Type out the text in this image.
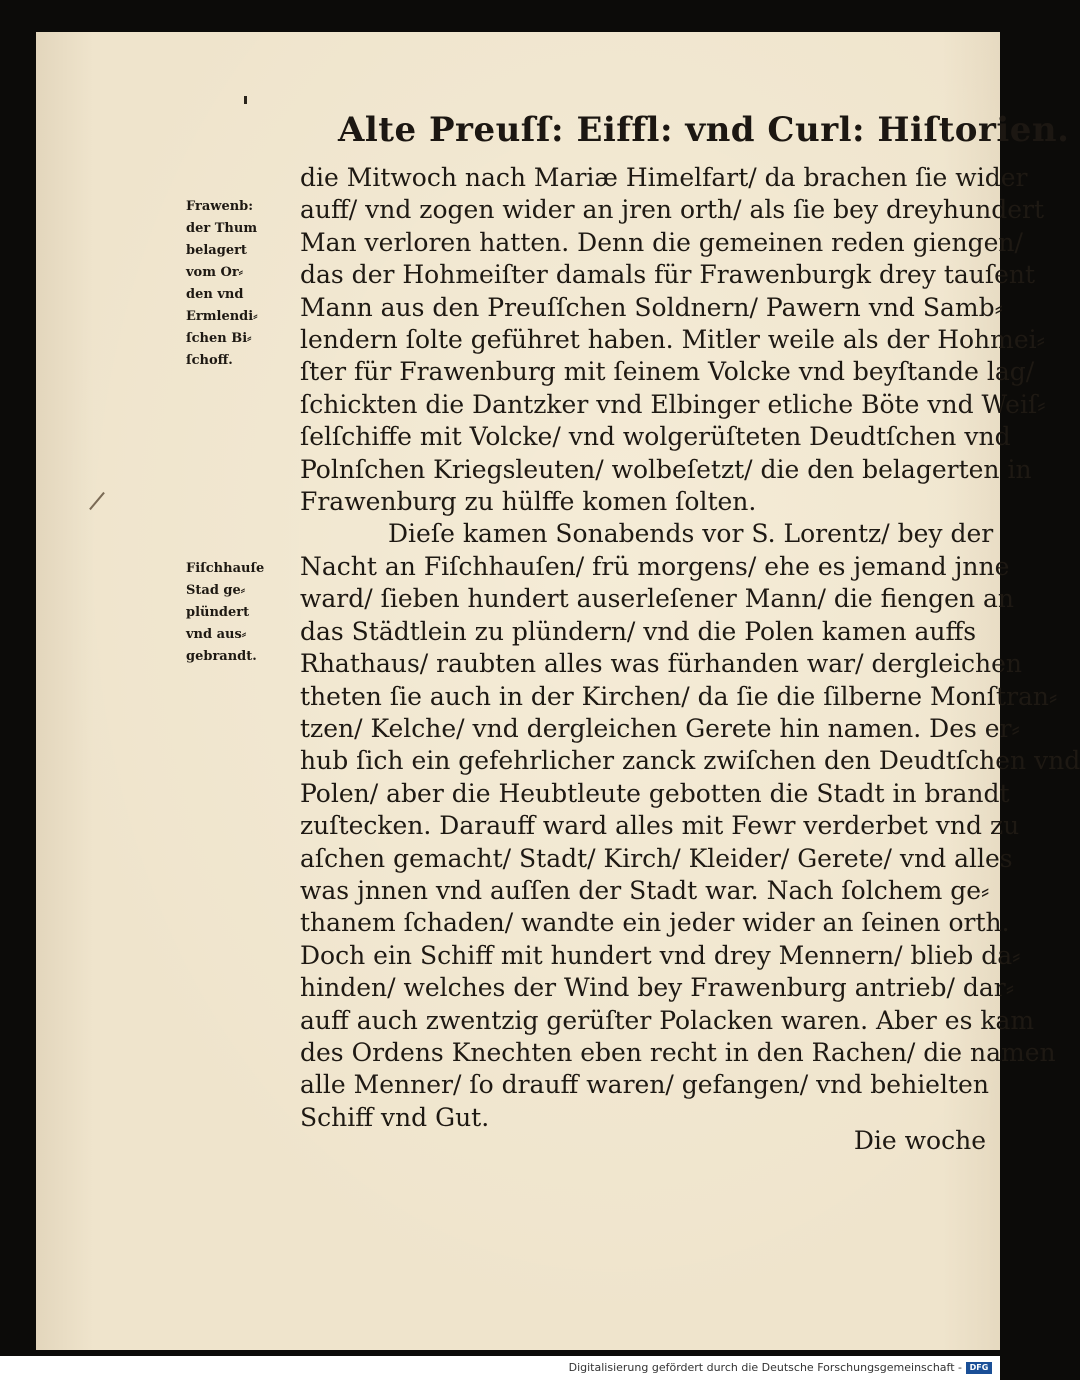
Alte Preuſſ: Eiffl: vnd Curl: Hiſtorien.
Frawenb:
der Thum
belagert
vom Or⸗
den vnd
Ermlendi⸗
ſchen Bi⸗
ſchoff.
Fiſchhauſe
Stad ge⸗
plündert
vnd aus⸗
gebrandt.
die Mitwoch nach Mariæ Himelfart/ da brachen ſie wider
auff/ vnd zogen wider an jren orth/ als ſie bey dreyhundert
Man verloren hatten. Denn die gemeinen reden giengen/
das der Hohmeiſter damals für Frawenburgk drey tauſent
Mann aus den Preuſſchen Soldnern/ Pawern vnd Samb⸗
lendern ſolte geführet haben. Mitler weile als der Hohmei⸗
ſter für Frawenburg mit ſeinem Volcke vnd beyſtande lag/
ſchickten die Dantzker vnd Elbinger etliche Böte vnd Weiſ⸗
ſelſchiffe mit Volcke/ vnd wolgerüſteten Deudtſchen vnd
Polnſchen Kriegsleuten/ wolbeſetzt/ die den belagerten in
Frawenburg zu hülffe komen ſolten.
Dieſe kamen Sonabends vor S. Lorentz/ bey der
Nacht an Fiſchhauſen/ frü morgens/ ehe es jemand jnne
ward/ ſieben hundert auserleſener Mann/ die fiengen an
das Städtlein zu plündern/ vnd die Polen kamen auffs
Rhathaus/ raubten alles was fürhanden war/ dergleichen
theten ſie auch in der Kirchen/ da ſie die ſilberne Monſtran⸗
tzen/ Kelche/ vnd dergleichen Gerete hin namen. Des er⸗
hub ſich ein gefehrlicher zanck zwiſchen den Deudtſchen vnd
Polen/ aber die Heubtleute gebotten die Stadt in brandt
zuſtecken. Darauff ward alles mit Fewr verderbet vnd zu
aſchen gemacht/ Stadt/ Kirch/ Kleider/ Gerete/ vnd alles
was jnnen vnd auſſen der Stadt war. Nach ſolchem ge⸗
thanem ſchaden/ wandte ein jeder wider an ſeinen orth.
Doch ein Schiff mit hundert vnd drey Mennern/ blieb da⸗
hinden/ welches der Wind bey Frawenburg antrieb/ dar⸗
auff auch zwentzig gerüſter Polacken waren. Aber es kam
des Ordens Knechten eben recht in den Rachen/ die namen
alle Menner/ ſo drauff waren/ gefangen/ vnd behielten
Schiff vnd Gut.
Die woche
Digitalisierung gefördert durch die Deutsche Forschungsgemeinschaft - DFG
